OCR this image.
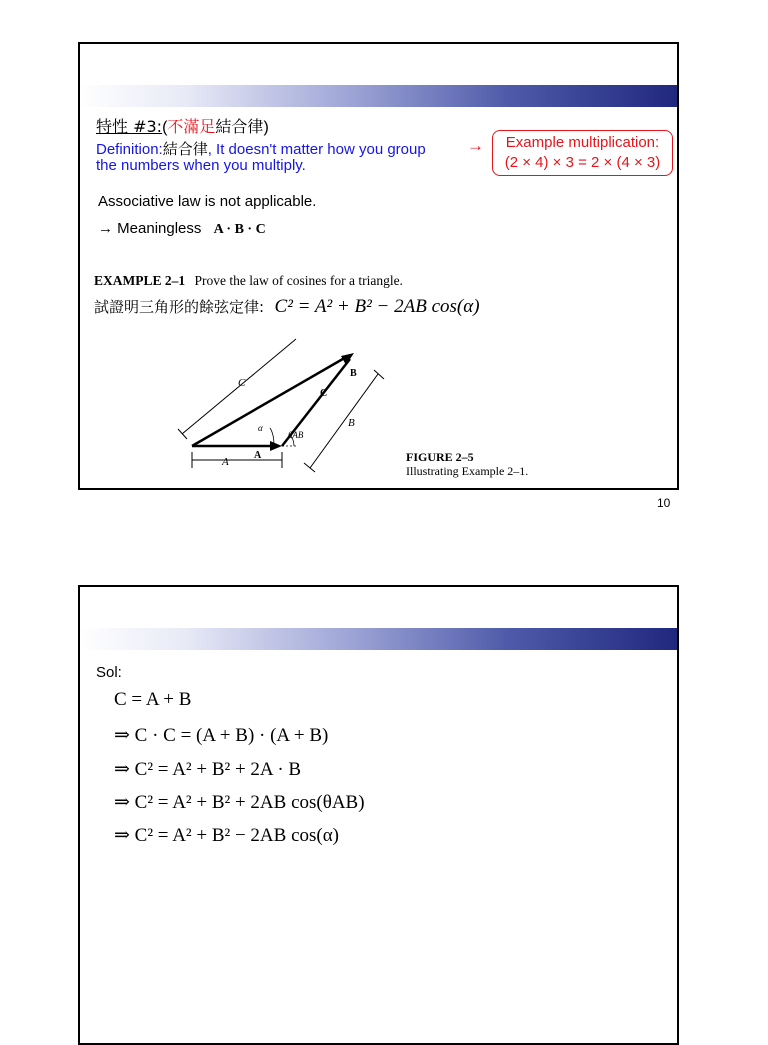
特性 #3:(不滿足結合律)
Definition:結合律, It doesn't matter how you group
the numbers when you multiply.
→	Example multiplication:
(2 × 4) × 3 = 2 × (4 × 3)
Associative law is not applicable.
→ Meaningless A · B · C
EXAMPLE 2–1 Prove the law of cosines for a triangle.
試證明三角形的餘弦定律: C² = A² + B² − 2AB cos(α)
C
C
B
B
A
A
α
θAB
FIGURE 2–5
Illustrating Example 2–1.
10
Sol:
C = A + B
⇒ C · C = (A + B) · (A + B)
⇒ C² = A² + B² + 2A · B
⇒ C² = A² + B² + 2AB cos(θAB)
⇒ C² = A² + B² − 2AB cos(α)
